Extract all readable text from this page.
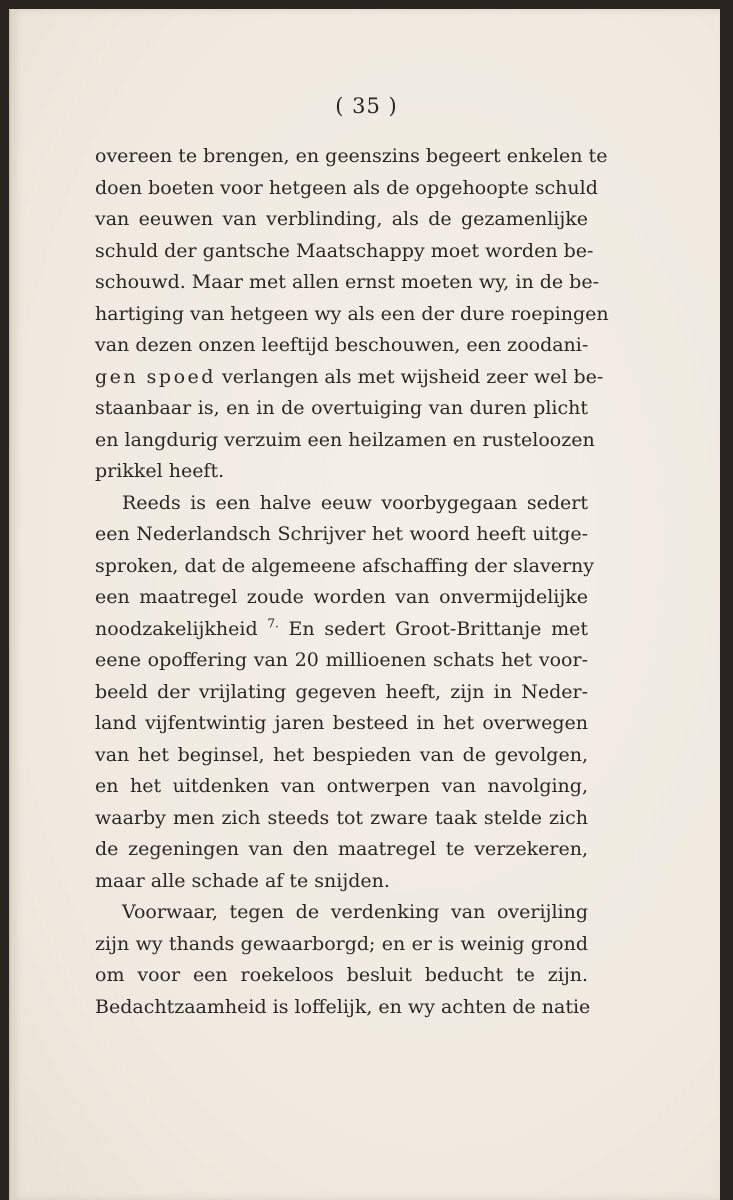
( 35 )
overeen te brengen, en geenszins begeert enkelen te
doen boeten voor hetgeen als de opgehoopte schuld
van eeuwen van verblinding, als de gezamenlijke
schuld der gantsche Maatschappy moet worden be-
schouwd. Maar met allen ernst moeten wy, in de be-
hartiging van hetgeen wy als een der dure roepingen
van dezen onzen leeftijd beschouwen, een zoodani-
gen spoed verlangen als met wijsheid zeer wel be-
staanbaar is, en in de overtuiging van duren plicht
en langdurig verzuim een heilzamen en rusteloozen
prikkel heeft.
Reeds is een halve eeuw voorbygegaan sedert
een Nederlandsch Schrijver het woord heeft uitge-
sproken, dat de algemeene afschaffing der slaverny
een maatregel zoude worden van onvermijdelijke
noodzakelijkheid $^{7.}$ En sedert Groot-Brittanje met
eene opoffering van 20 millioenen schats het voor-
beeld der vrijlating gegeven heeft, zijn in Neder-
land vijfentwintig jaren besteed in het overwegen
van het beginsel, het bespieden van de gevolgen,
en het uitdenken van ontwerpen van navolging,
waarby men zich steeds tot zware taak stelde zich
de zegeningen van den maatregel te verzekeren,
maar alle schade af te snijden.
Voorwaar, tegen de verdenking van overijling
zijn wy thands gewaarborgd; en er is weinig grond
om voor een roekeloos besluit beducht te zijn.
Bedachtzaamheid is loffelijk, en wy achten de natie
